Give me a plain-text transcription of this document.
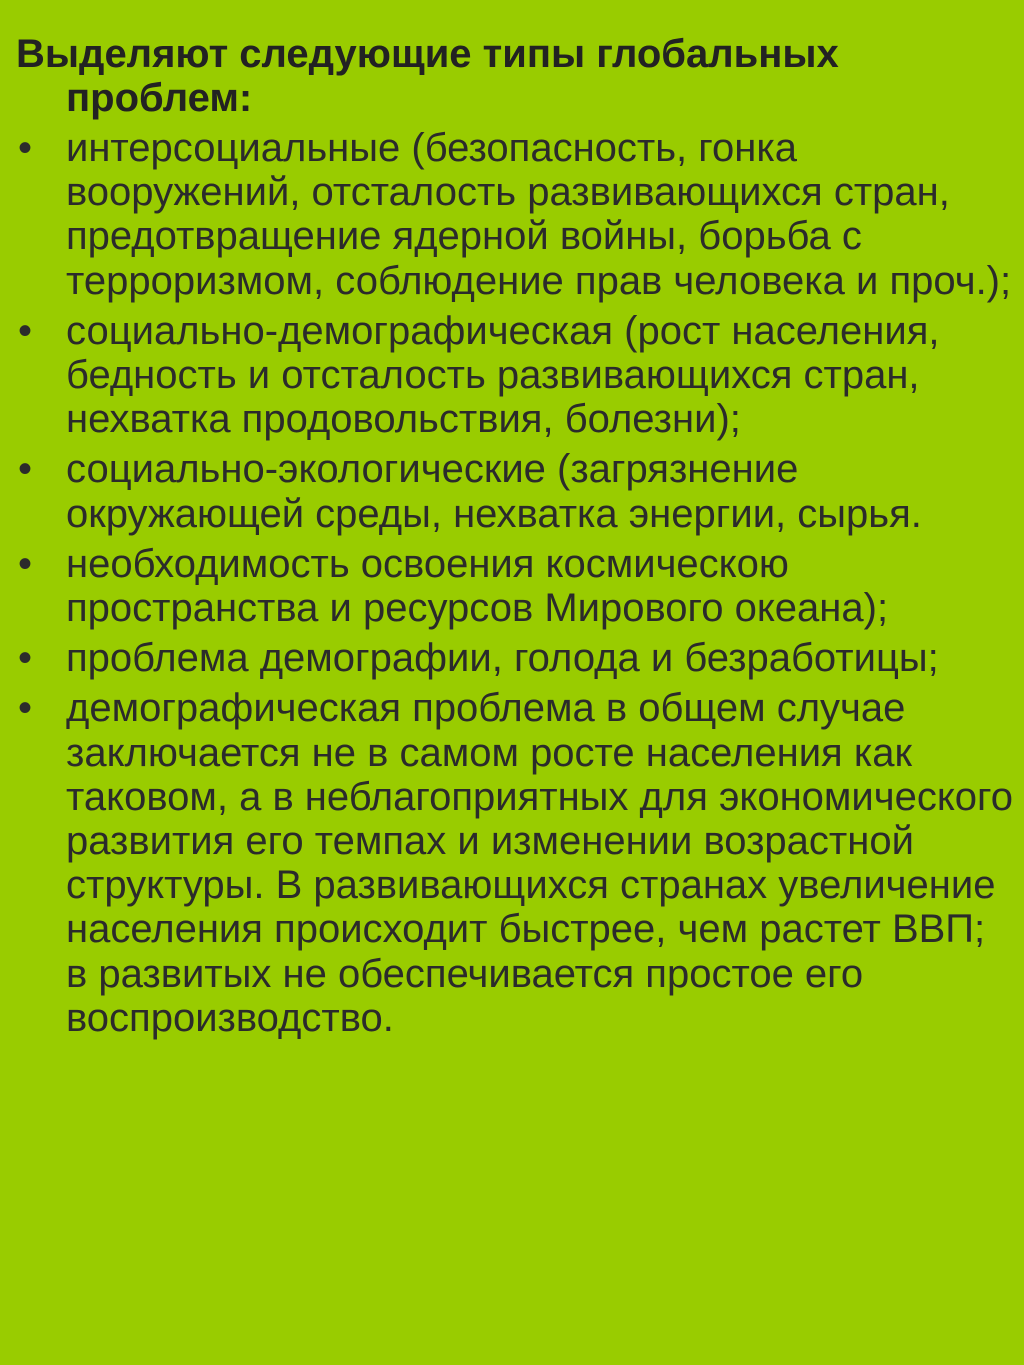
Выделяют следующие типы глобальных проблем:

• интерсоциальные (безопасность, гонка вооружений, отсталость развивающихся стран,      предотвращение ядерной войны, борьба с терроризмом, соблюдение прав человека и проч.);
• социально-демографическая (рост населения, бедность и отсталость развивающихся стран, нехватка продовольствия, болезни);
• социально-экологические (загрязнение окружающей среды, нехватка энергии, сырья.
• необходимость освоения космическою пространства и ресурсов Мирового океана);
• проблема демографии, голода и безработицы;
• демографическая проблема в общем случае заключается не в самом росте населения как таковом, а в неблагоприятных для экономического развития его темпах и изменении возрастной структуры. В развивающихся странах увеличение населения происходит быстрее, чем растет ВВП; в развитых не обеспечивается простое его воспроизводство.
